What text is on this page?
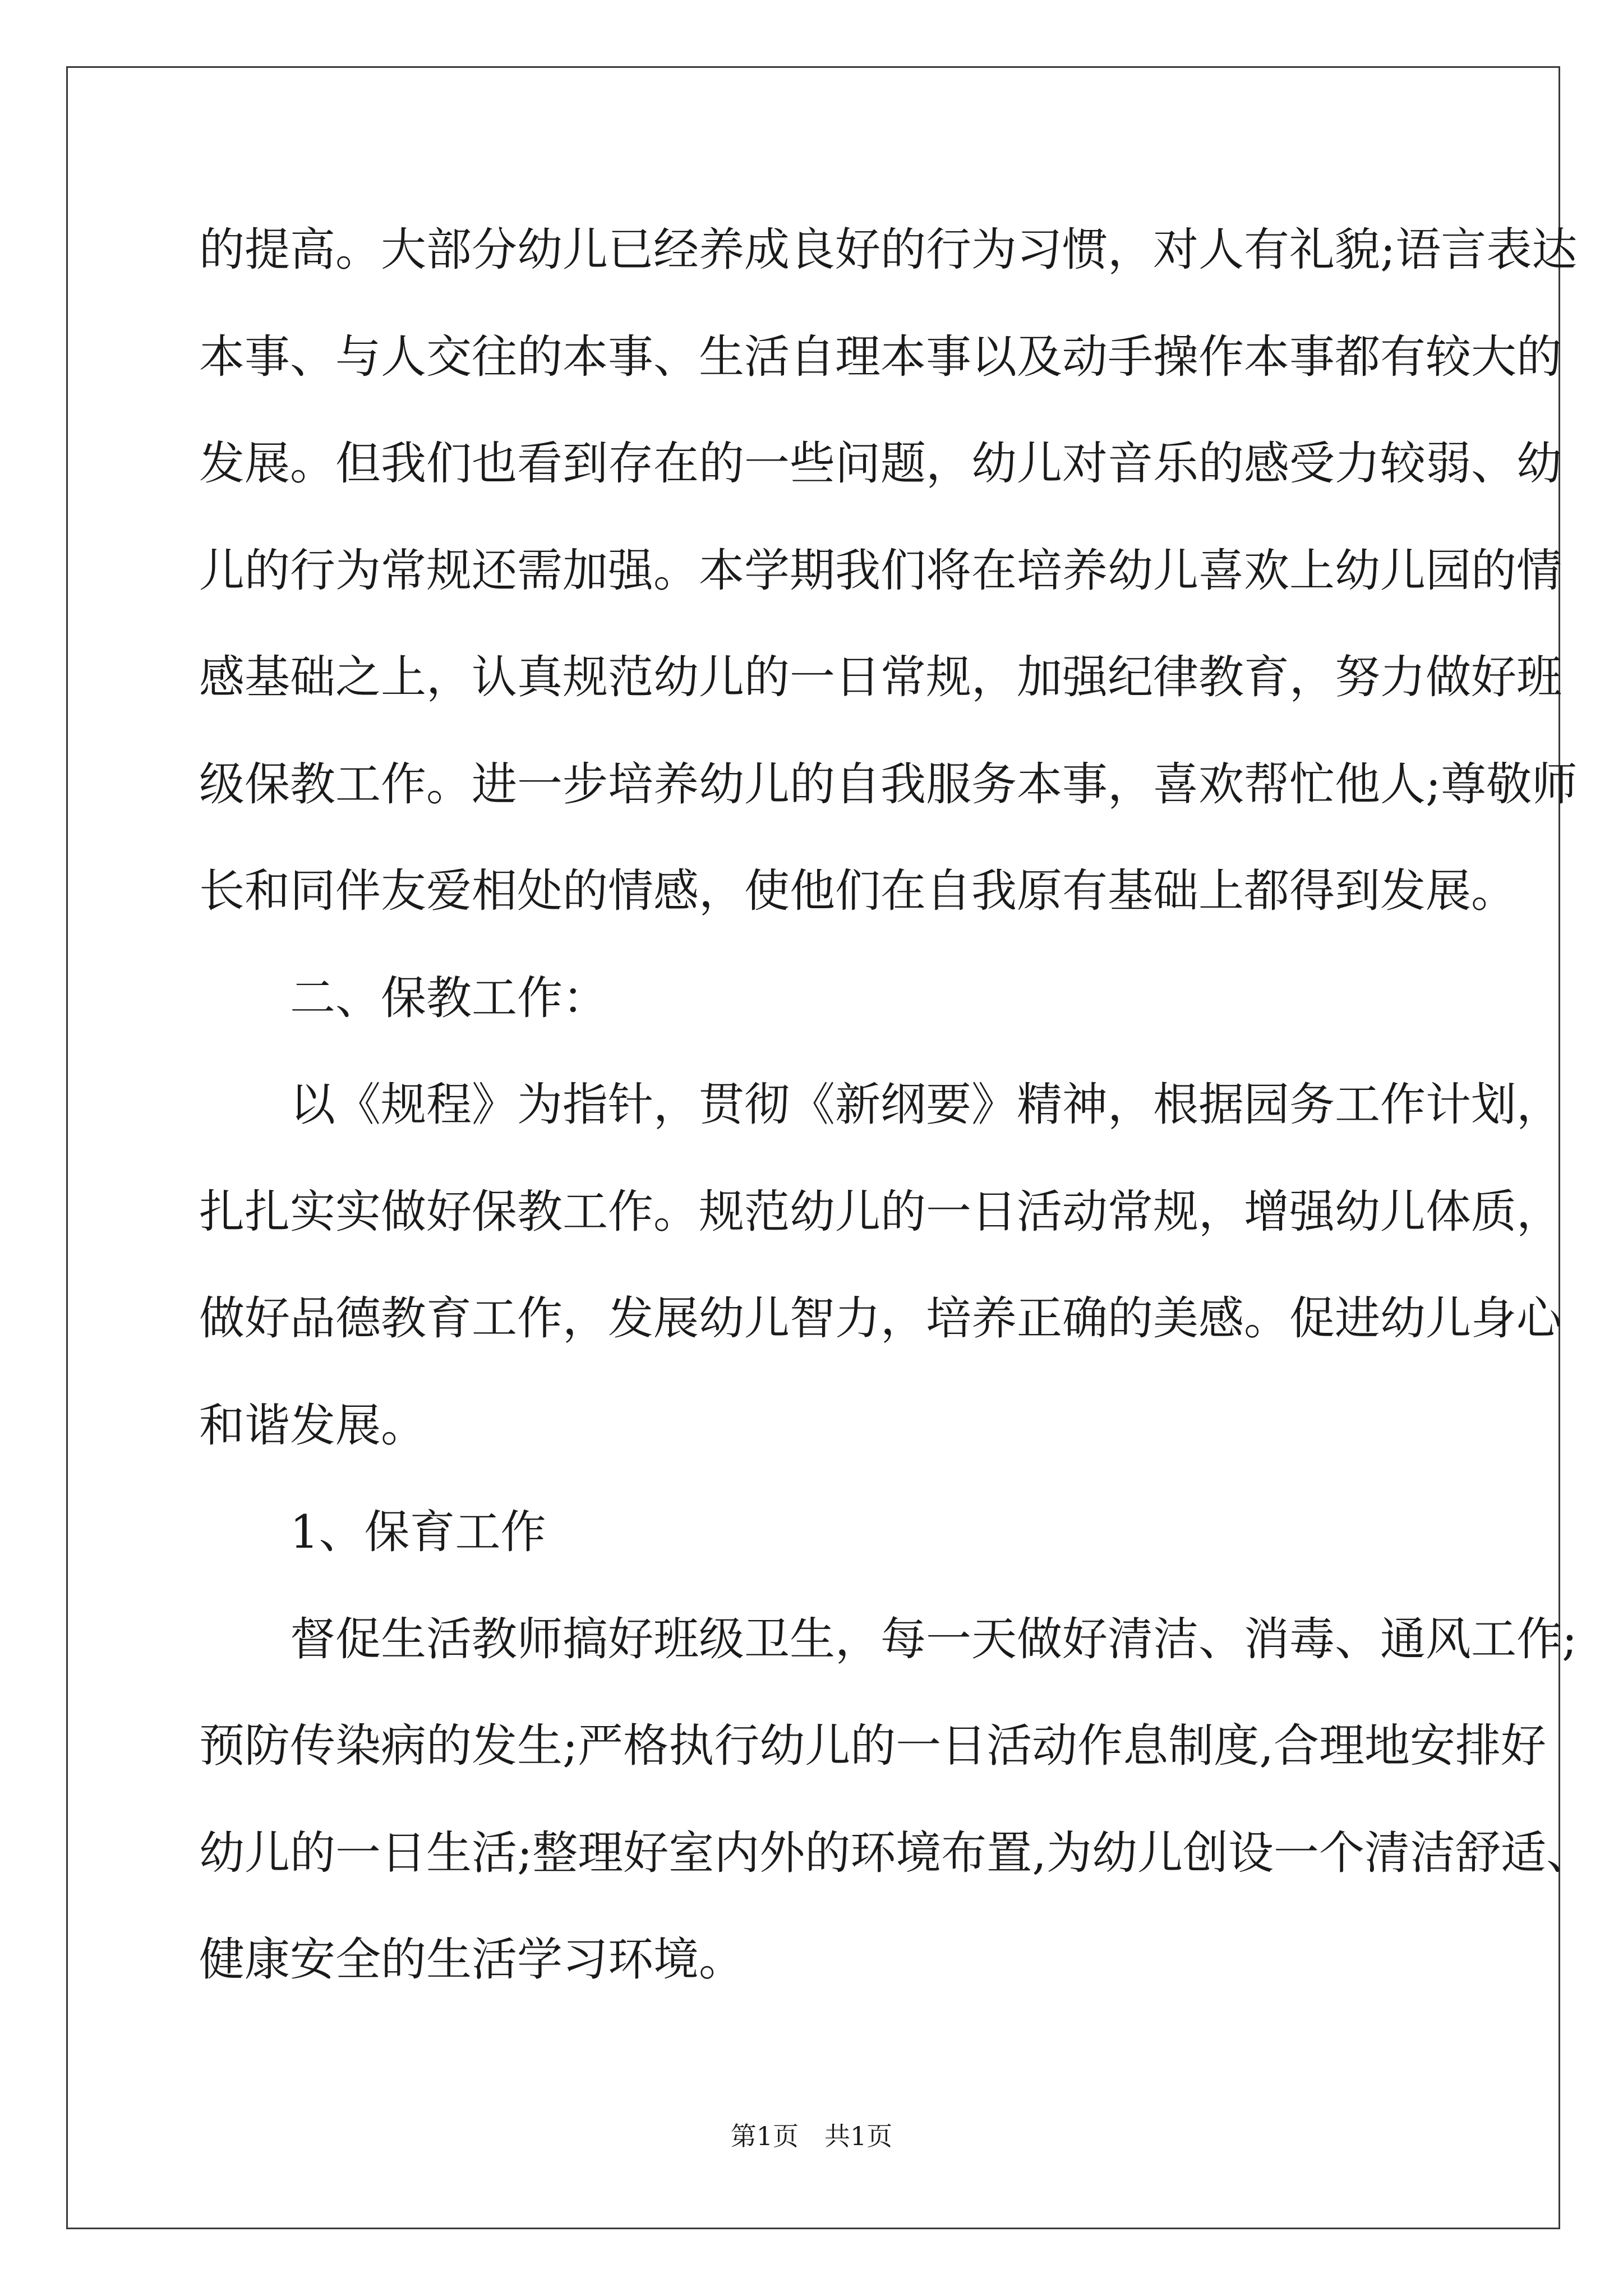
的提高。大部分幼儿已经养成良好的行为习惯，对人有礼貌;语言表达
本事、与人交往的本事、生活自理本事以及动手操作本事都有较大的
发展。但我们也看到存在的一些问题，幼儿对音乐的感受力较弱、幼
儿的行为常规还需加强。本学期我们将在培养幼儿喜欢上幼儿园的情
感基础之上，认真规范幼儿的一日常规，加强纪律教育，努力做好班
级保教工作。进一步培养幼儿的自我服务本事，喜欢帮忙他人;尊敬师
长和同伴友爱相处的情感，使他们在自我原有基础上都得到发展。
二、保教工作：
以《规程》为指针，贯彻《新纲要》精神，根据园务工作计划，
扎扎实实做好保教工作。规范幼儿的一日活动常规，增强幼儿体质，
做好品德教育工作，发展幼儿智力，培养正确的美感。促进幼儿身心
和谐发展。
1、保育工作
督促生活教师搞好班级卫生，每一天做好清洁、消毒、通风工作;
预防传染病的发生;严格执行幼儿的一日活动作息制度,合理地安排好
幼儿的一日生活;整理好室内外的环境布置,为幼儿创设一个清洁舒适、
健康安全的生活学习环境。
第1页　共1页
